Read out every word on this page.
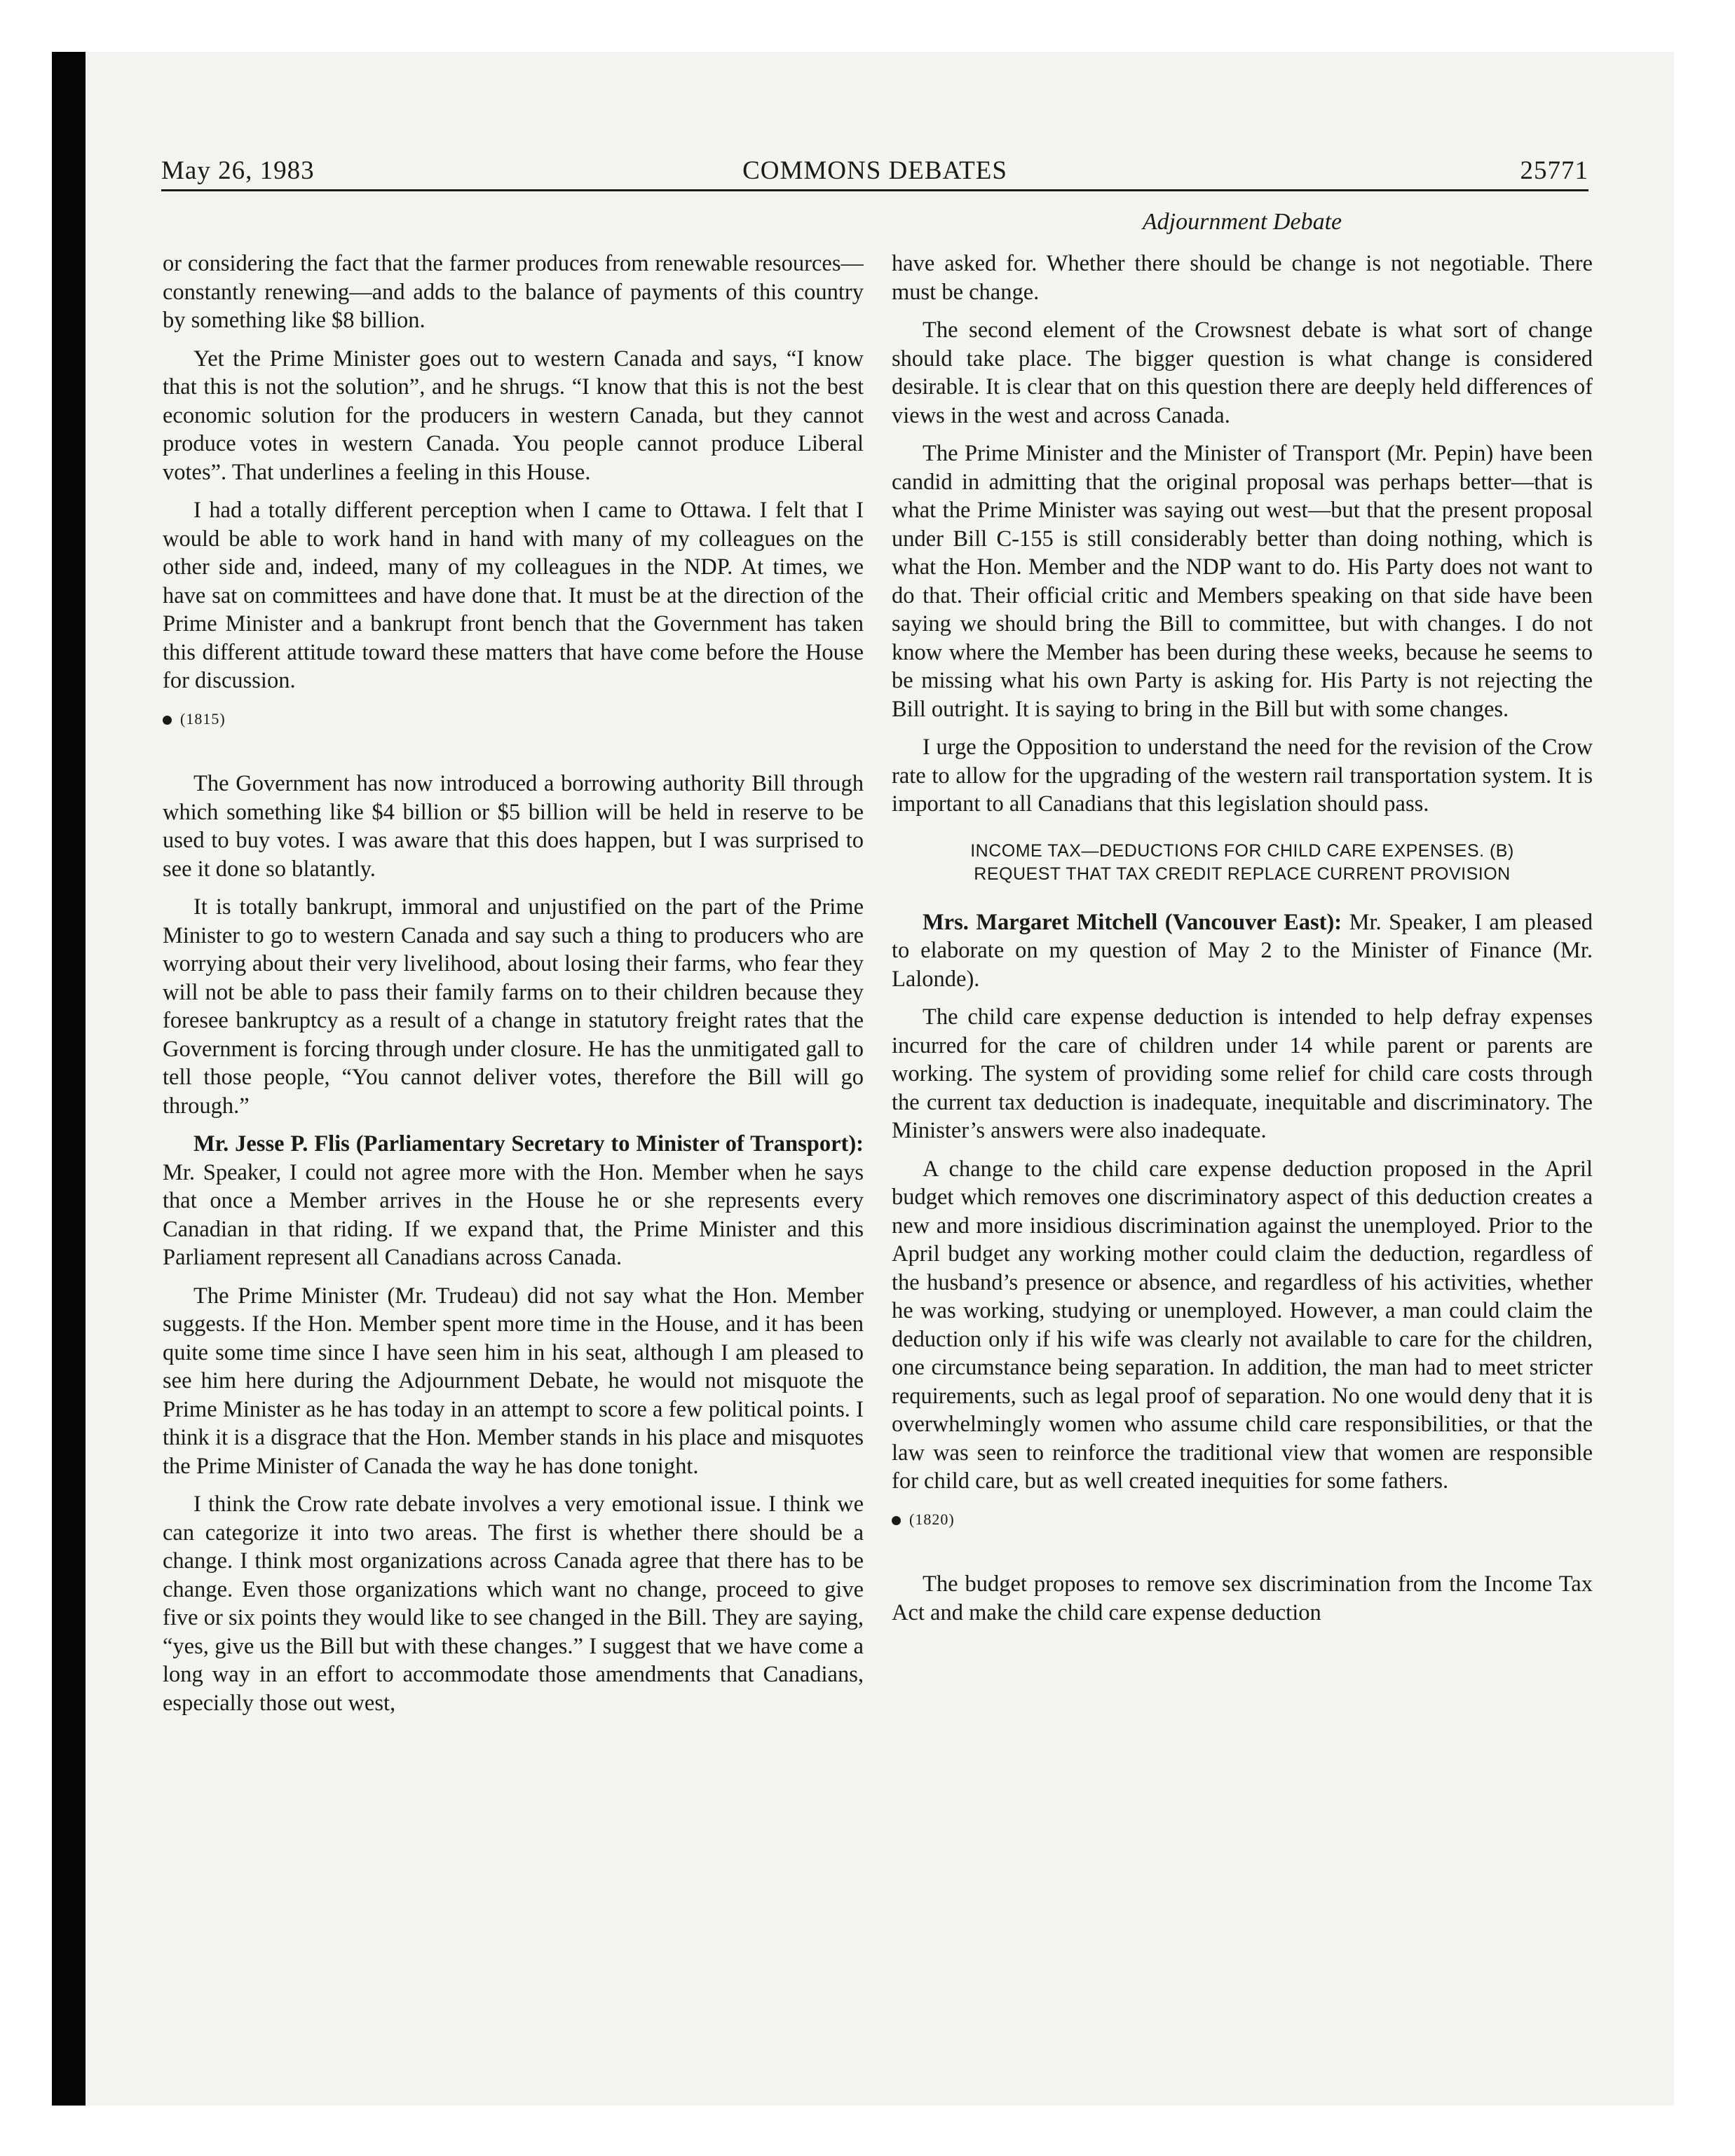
COMMONS DEBATES
May 26, 1983	25771
Adjournment Debate

or considering the fact that the farmer produces from renewable resources—constantly renewing—and adds to the balance of payments of this country by something like $8 billion.

Yet the Prime Minister goes out to western Canada and says, “I know that this is not the solution”, and he shrugs. “I know that this is not the best economic solution for the producers in western Canada, but they cannot produce votes in western Canada. You people cannot produce Liberal votes”. That underlines a feeling in this House.

I had a totally different perception when I came to Ottawa. I felt that I would be able to work hand in hand with many of my colleagues on the other side and, indeed, many of my colleagues in the NDP. At times, we have sat on committees and have done that. It must be at the direction of the Prime Minister and a bankrupt front bench that the Government has taken this different attitude toward these matters that have come before the House for discussion.

(1815)

The Government has now introduced a borrowing authority Bill through which something like $4 billion or $5 billion will be held in reserve to be used to buy votes. I was aware that this does happen, but I was surprised to see it done so blatantly.

It is totally bankrupt, immoral and unjustified on the part of the Prime Minister to go to western Canada and say such a thing to producers who are worrying about their very livelihood, about losing their farms, who fear they will not be able to pass their family farms on to their children because they foresee bankruptcy as a result of a change in statutory freight rates that the Government is forcing through under closure. He has the unmitigated gall to tell those people, “You cannot deliver votes, therefore the Bill will go through.”

Mr. Jesse P. Flis (Parliamentary Secretary to Minister of Transport): Mr. Speaker, I could not agree more with the Hon. Member when he says that once a Member arrives in the House he or she represents every Canadian in that riding. If we expand that, the Prime Minister and this Parliament represent all Canadians across Canada.

The Prime Minister (Mr. Trudeau) did not say what the Hon. Member suggests. If the Hon. Member spent more time in the House, and it has been quite some time since I have seen him in his seat, although I am pleased to see him here during the Adjournment Debate, he would not misquote the Prime Minister as he has today in an attempt to score a few political points. I think it is a disgrace that the Hon. Member stands in his place and misquotes the Prime Minister of Canada the way he has done tonight.

I think the Crow rate debate involves a very emotional issue. I think we can categorize it into two areas. The first is whether there should be a change. I think most organizations across Canada agree that there has to be change. Even those organizations which want no change, proceed to give five or six points they would like to see changed in the Bill. They are saying, “yes, give us the Bill but with these changes.” I suggest that we have come a long way in an effort to accommodate those amendments that Canadians, especially those out west,

have asked for. Whether there should be change is not negotiable. There must be change.

The second element of the Crowsnest debate is what sort of change should take place. The bigger question is what change is considered desirable. It is clear that on this question there are deeply held differences of views in the west and across Canada.

The Prime Minister and the Minister of Transport (Mr. Pepin) have been candid in admitting that the original proposal was perhaps better—that is what the Prime Minister was saying out west—but that the present proposal under Bill C-155 is still considerably better than doing nothing, which is what the Hon. Member and the NDP want to do. His Party does not want to do that. Their official critic and Members speaking on that side have been saying we should bring the Bill to committee, but with changes. I do not know where the Member has been during these weeks, because he seems to be missing what his own Party is asking for. His Party is not rejecting the Bill outright. It is saying to bring in the Bill but with some changes.

I urge the Opposition to understand the need for the revision of the Crow rate to allow for the upgrading of the western rail transportation system. It is important to all Canadians that this legislation should pass.

INCOME TAX—DEDUCTIONS FOR CHILD CARE EXPENSES. (B)
REQUEST THAT TAX CREDIT REPLACE CURRENT PROVISION

Mrs. Margaret Mitchell (Vancouver East): Mr. Speaker, I am pleased to elaborate on my question of May 2 to the Minister of Finance (Mr. Lalonde).

The child care expense deduction is intended to help defray expenses incurred for the care of children under 14 while parent or parents are working. The system of providing some relief for child care costs through the current tax deduction is inadequate, inequitable and discriminatory. The Minister’s answers were also inadequate.

A change to the child care expense deduction proposed in the April budget which removes one discriminatory aspect of this deduction creates a new and more insidious discrimination against the unemployed. Prior to the April budget any working mother could claim the deduction, regardless of the husband’s presence or absence, and regardless of his activities, whether he was working, studying or unemployed. However, a man could claim the deduction only if his wife was clearly not available to care for the children, one circumstance being separation. In addition, the man had to meet stricter requirements, such as legal proof of separation. No one would deny that it is overwhelmingly women who assume child care responsibilities, or that the law was seen to reinforce the traditional view that women are responsible for child care, but as well created inequities for some fathers.

(1820)

The budget proposes to remove sex discrimination from the Income Tax Act and make the child care expense deduction
